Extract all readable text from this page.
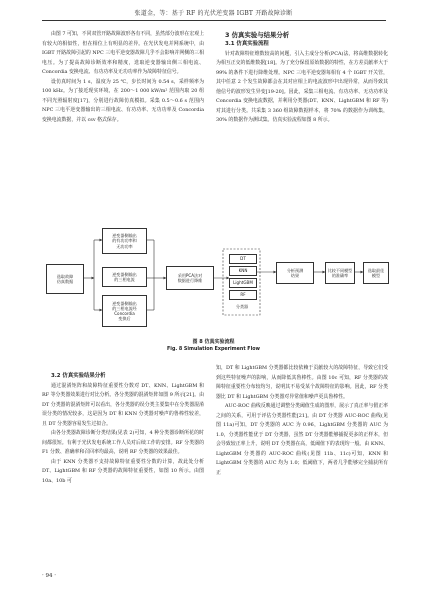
张道金，等：基于 RF 的光伏逆变器 IGBT 开路故障诊断

由图 7 可知，不同双管开路故障波形各有不同，虽然部分波形在宏观上有较大的相似性，但在相位上有明显的差异。在光伏发电并网系统中，由 IGBT 开路故障引起的 NPC 三电平逆变器故障几乎不会影响并网侧的三相电压。为了提高故障诊断效率和精度，选取逆变器输出侧三相电流、Concordia 变换电流、有功功率及无功功率作为故障特征信号。

设仿真时间为 1 s，温度为 25 ℃，步长时间为 0.54 s，采样频率为 100 kHz。为了接近现实环境，在 200～1 000 kW/m² 范围内取 20 组不同光照辐射度[17]，分别进行故障仿真模拟。采集 0.5～0.6 s 范围内 NPC 三电平逆变器输出的三相电流、有功功率、无功功率及 Concordia 变换电流数据，并以 csv 格式保存。

3 仿真实验与结果分析

3.1 仿真实验流程

针对故障特征维数较高的问题，引入主成分分析(PCA)法，将高维数据转化为相互正交的低维数据[18]。为了充分保留原始数据的特性，在方差贡献率大于 99% 的条件下进行降维处理。NPC 三电平逆变器每相有 4 个 IGBT 开关管，其中任意 2 个发生故障都会在其对应相上的电流波形中出现异常，从而导致其他信号的波形发生异变[19-20]。因此，采集三相电流、有功功率、无功功率及 Concordia 变换电流数据，并利用分类器(DT、KNN、LightGBM 和 RF 等)对其进行分类。共采集 3 360 组故障数据样本，将 70% 的数据作为训练集，30% 的数据作为测试集。仿真实验流程如图 8 所示。

选取故障
仿真数据
逆变器侧输出
的有功功率和
无功功率
逆变器侧输出
的三相电流
逆变器侧输出
的三相电流经
Concordia
变换后
采用PCA法对
数据进行降维
DT
KNN
LightGBM
RF
分类器
分析预测
结果
比较不同模型
的准确率
选取最佳
模型
图 8 仿真实验流程
Fig. 8 Simulation Experiment Flow

3.2 仿真实验结果分析

通过混淆矩阵和故障特征重要性分数对 DT、KNN、LightGBM 和 RF 等分类器效果进行对比分析。各分类器的混淆矩阵如图 9 所示[21]。由 DT 分类器的混淆矩阵可以看出，各分类器的误分类主要集中在分类器混淆误分类的情况较多，这是因为 DT 和 KNN 分类器对噪声的鲁棒性较差，且 DT 分类器容易发生过拟合。

由各分类器故障诊断分类结果(见表 2)可知，4 种分类器诊断所花的时间都很短。有利于光伏发电系统工作人员对后续工作的安排。RF 分类器的 F1 分数、准确率和召回率均最高，说明 RF 分类器的效果最佳。

由于 KNN 分类器不支持故障特征重要性分数的计算，故此处分析 DT、LightGBM 和 RF 分类器的故障特征重要性，如图 10 所示。由图 10a、10b 可

知，DT 和 LightGBM 分类器都比较依赖于贡献较大的故障特征，导致它们受到这些特征噪声的影响，从而降低其鲁棒性。由图 10c 可知，RF 分类器的故障特征重要性分布较均匀，说明其不易受某个故障特征的影响。因此，RF 分类器比 DT 和 LightGBM 分类器对异常值和噪声更具鲁棒性。

AUC-ROC 曲线反映通过调整分类阈值生成的图形，展示了真正率与假正率之间的关系，可用于评估分类器性能[21]。由 DT 分类器 AUC-ROC 曲线(见图 11a)可知，DT 分类器的 AUC 为 0.96，LightGBM 分类器的 AUC 为 1.0，分类器性能优于 DT 分类器，虽然 DT 分类器能够捕捉更多的正样本，但会导致较正率上升，说明 DT 分类器在高，低阈值下的表现均一般。由 KNN、LightGBM 分类器的 AUC-ROC 曲线(见图 11b、11c)可知，KNN 和 LightGBM 分类器的 AUC 均为 1.0；低阈值下，两者几乎能够完全捕获所有正

· 94 ·
